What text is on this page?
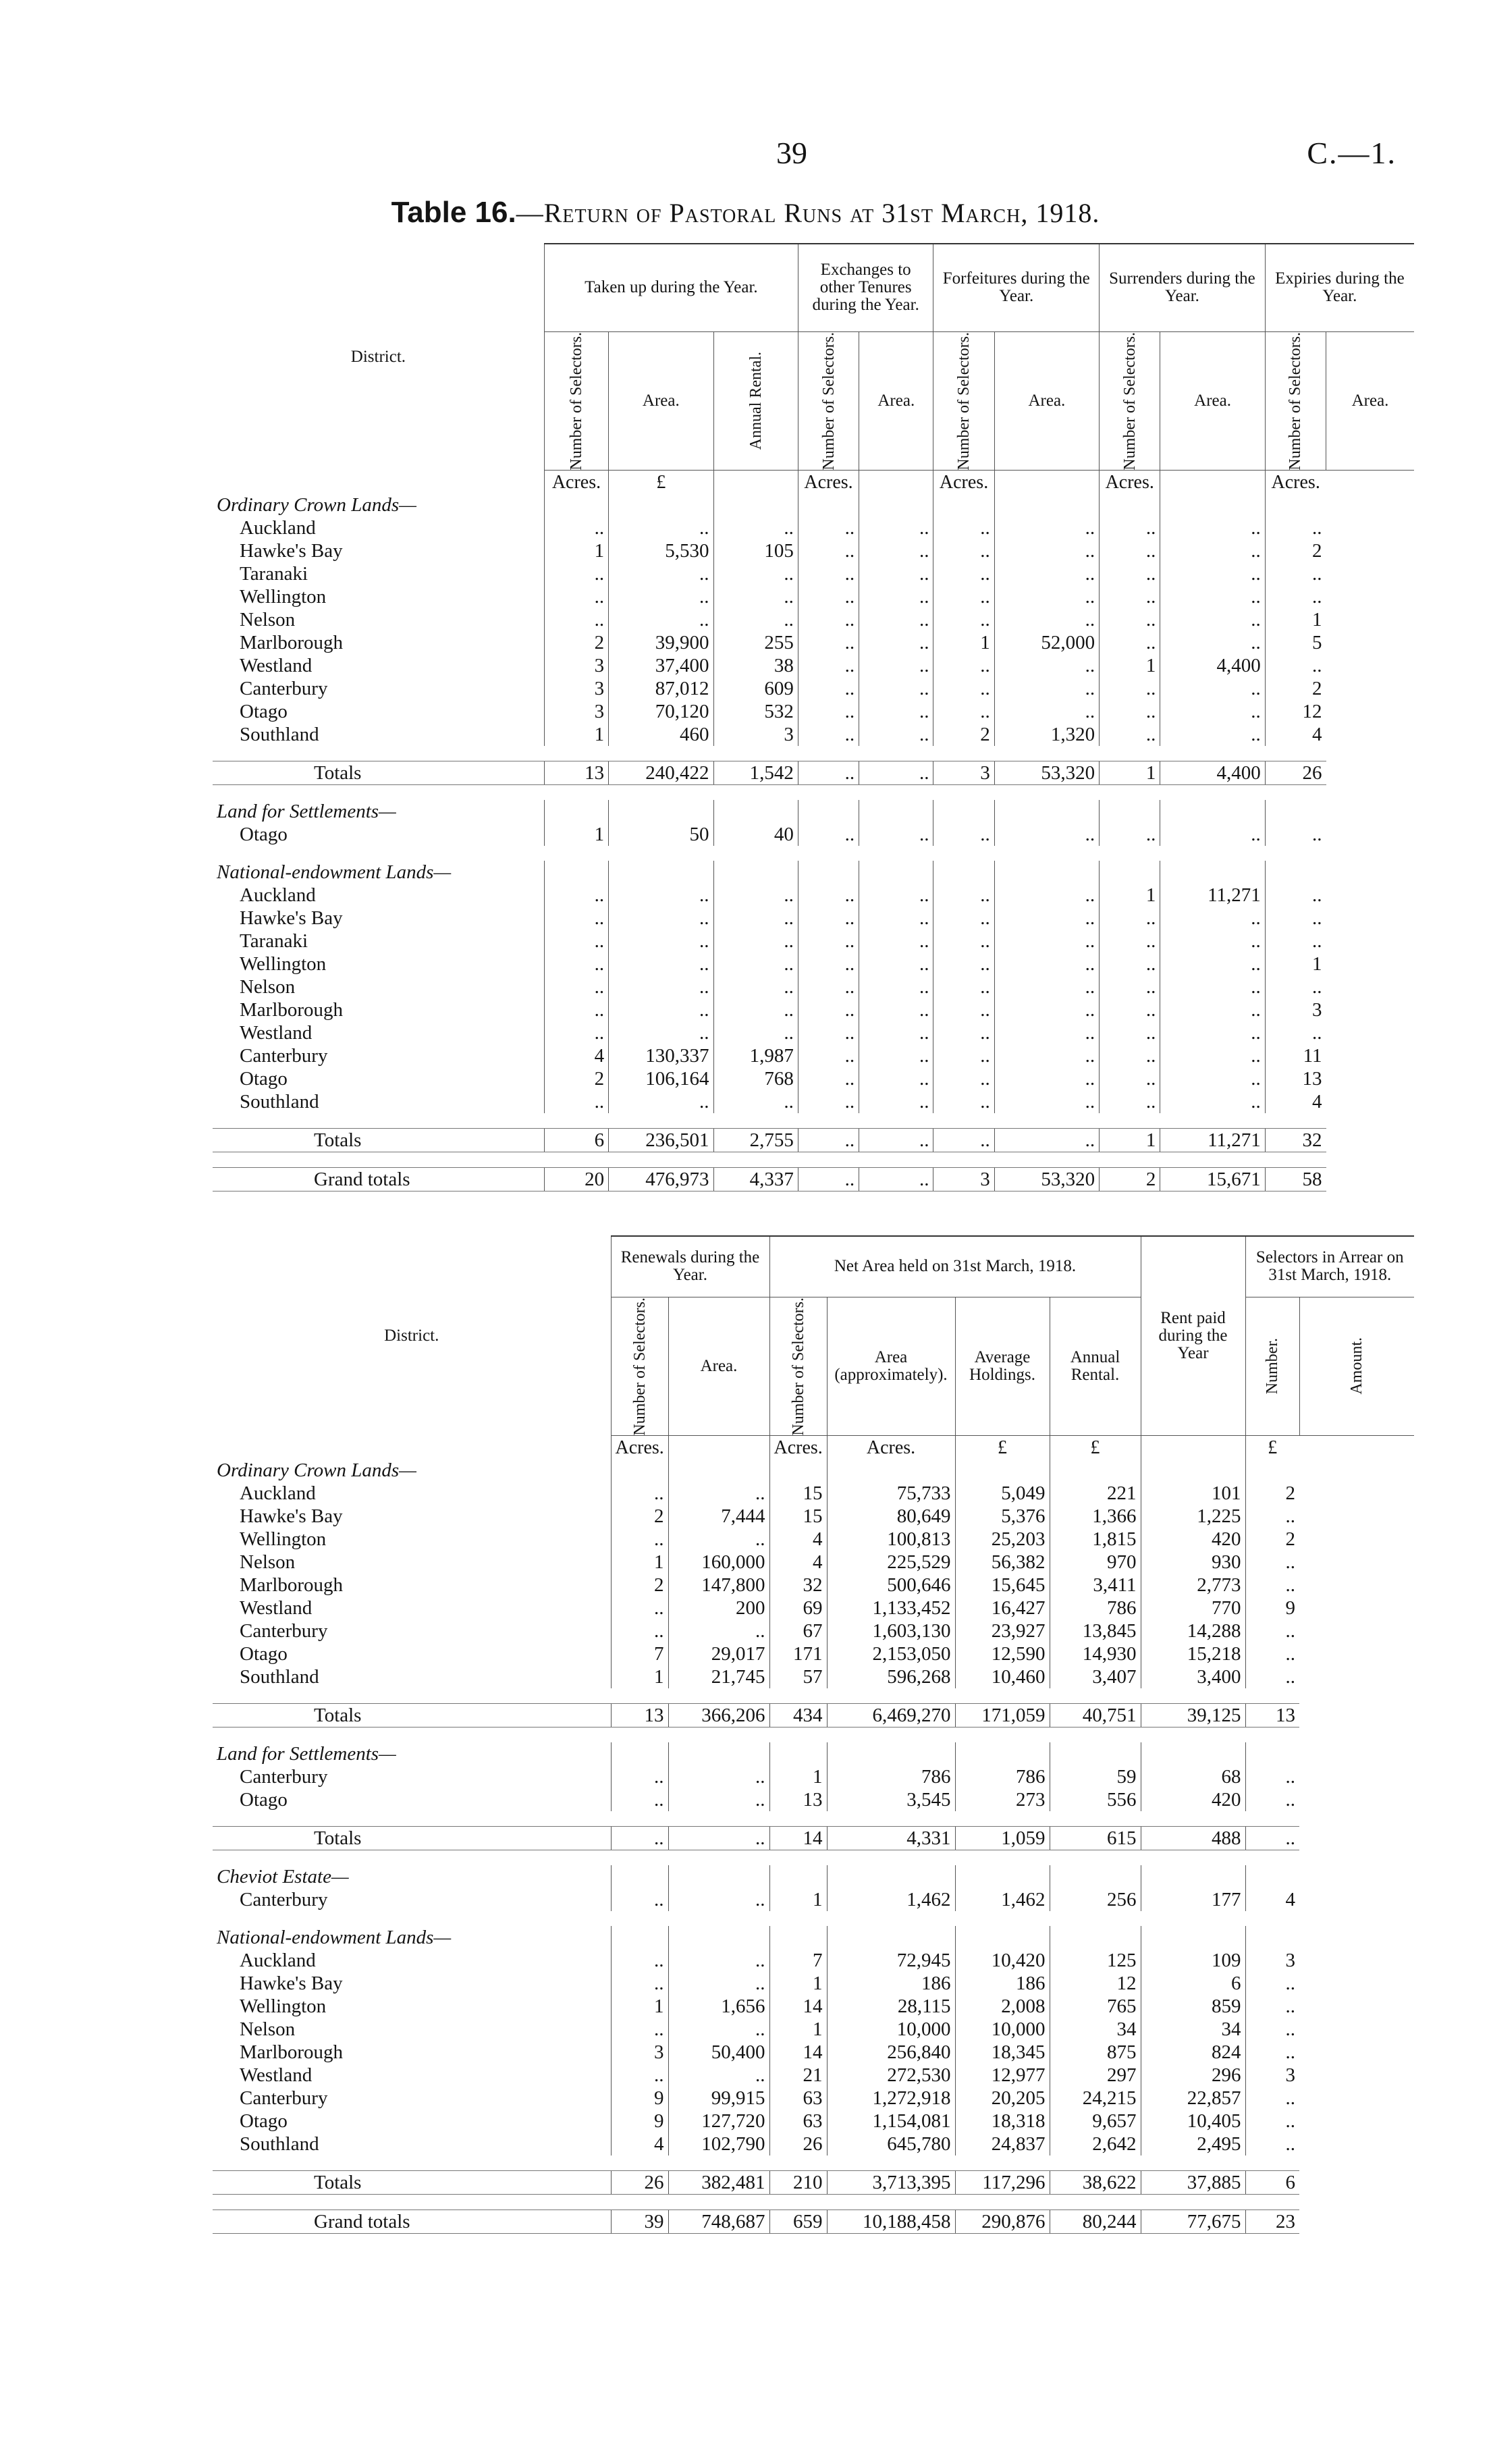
39	C.—1.
Table 16.—Return of Pastoral Runs at 31st March, 1918.
District.	Taken up during the Year.			Exchanges to other Tenures during the Year.		Forfeitures during the Year.		Surrenders during the Year.		Expiries during the Year.	

	Number of Selectors.	Area.	Annual Rental.	Number of Selectors.	Area.	Number of Selectors.	Area.	Number of Selectors.	Area.	Number of Selectors.	Area.
	Acres.	£		Acres.		Acres.		Acres.		Acres.	
Ordinary Crown Lands—											
Auckland	..	..	..	..	..	..	..	..	..	..	
Hawke's Bay	1	5,530	105	..	..	..	..	..	..	2	
Taranaki	..	..	..	..	..	..	..	..	..	..	
Wellington	..	..	..	..	..	..	..	..	..	..	
Nelson	..	..	..	..	..	..	..	..	..	1	
Marlborough	2	39,900	255	..	..	1	52,000	..	..	5	
Westland	3	37,400	38	..	..	..	..	1	4,400	..	
Canterbury	3	87,012	609	..	..	..	..	..	..	2	
Otago	3	70,120	532	..	..	..	..	..	..	12	
Southland	1	460	3	..	..	2	1,320	..	..	4	

Totals	13	240,422	1,542	..	..	3	53,320	1	4,400	26	

Land for Settlements—											
Otago	1	50	40	..	..	..	..	..	..	..	

National-endowment Lands—											
Auckland	..	..	..	..	..	..	..	1	11,271	..	
Hawke's Bay	..	..	..	..	..	..	..	..	..	..	
Taranaki	..	..	..	..	..	..	..	..	..	..	
Wellington	..	..	..	..	..	..	..	..	..	1	
Nelson	..	..	..	..	..	..	..	..	..	..	
Marlborough	..	..	..	..	..	..	..	..	..	3	
Westland	..	..	..	..	..	..	..	..	..	..	
Canterbury	4	130,337	1,987	..	..	..	..	..	..	11	
Otago	2	106,164	768	..	..	..	..	..	..	13	
Southland	..	..	..	..	..	..	..	..	..	4	

Totals	6	236,501	2,755	..	..	..	..	1	11,271	32	

Grand totals	20	476,973	4,337	..	..	3	53,320	2	15,671	58	
District.	Renewals during the Year.		Net Area held on 31st March, 1918.				Rent paid during the Year	Selectors in Arrear on 31st March, 1918.	

	Number of Selectors.	Area.	Number of Selectors.	Area (approximately).	Average Holdings.	Annual Rental.		Number.	Amount.

	Acres.		Acres.	Acres.	£	£		£	
Ordinary Crown Lands—									
Auckland	..	..	15	75,733	5,049	221	101	2	
Hawke's Bay	2	7,444	15	80,649	5,376	1,366	1,225	..	
Wellington	..	..	4	100,813	25,203	1,815	420	2	
Nelson	1	160,000	4	225,529	56,382	970	930	..	
Marlborough	2	147,800	32	500,646	15,645	3,411	2,773	..	
Westland	..	200	69	1,133,452	16,427	786	770	9	
Canterbury	..	..	67	1,603,130	23,927	13,845	14,288	..	
Otago	7	29,017	171	2,153,050	12,590	14,930	15,218	..	
Southland	1	21,745	57	596,268	10,460	3,407	3,400	..	

Totals	13	366,206	434	6,469,270	171,059	40,751	39,125	13	

Land for Settlements—									
Canterbury	..	..	1	786	786	59	68	..	
Otago	..	..	13	3,545	273	556	420	..	

Totals	..	..	14	4,331	1,059	615	488	..	

Cheviot Estate—									
Canterbury	..	..	1	1,462	1,462	256	177	4	

National-endowment Lands—									
Auckland	..	..	7	72,945	10,420	125	109	3	
Hawke's Bay	..	..	1	186	186	12	6	..	
Wellington	1	1,656	14	28,115	2,008	765	859	..	
Nelson	..	..	1	10,000	10,000	34	34	..	
Marlborough	3	50,400	14	256,840	18,345	875	824	..	
Westland	..	..	21	272,530	12,977	297	296	3	
Canterbury	9	99,915	63	1,272,918	20,205	24,215	22,857	..	
Otago	9	127,720	63	1,154,081	18,318	9,657	10,405	..	
Southland	4	102,790	26	645,780	24,837	2,642	2,495	..	

Totals	26	382,481	210	3,713,395	117,296	38,622	37,885	6	

Grand totals	39	748,687	659	10,188,458	290,876	80,244	77,675	23	
